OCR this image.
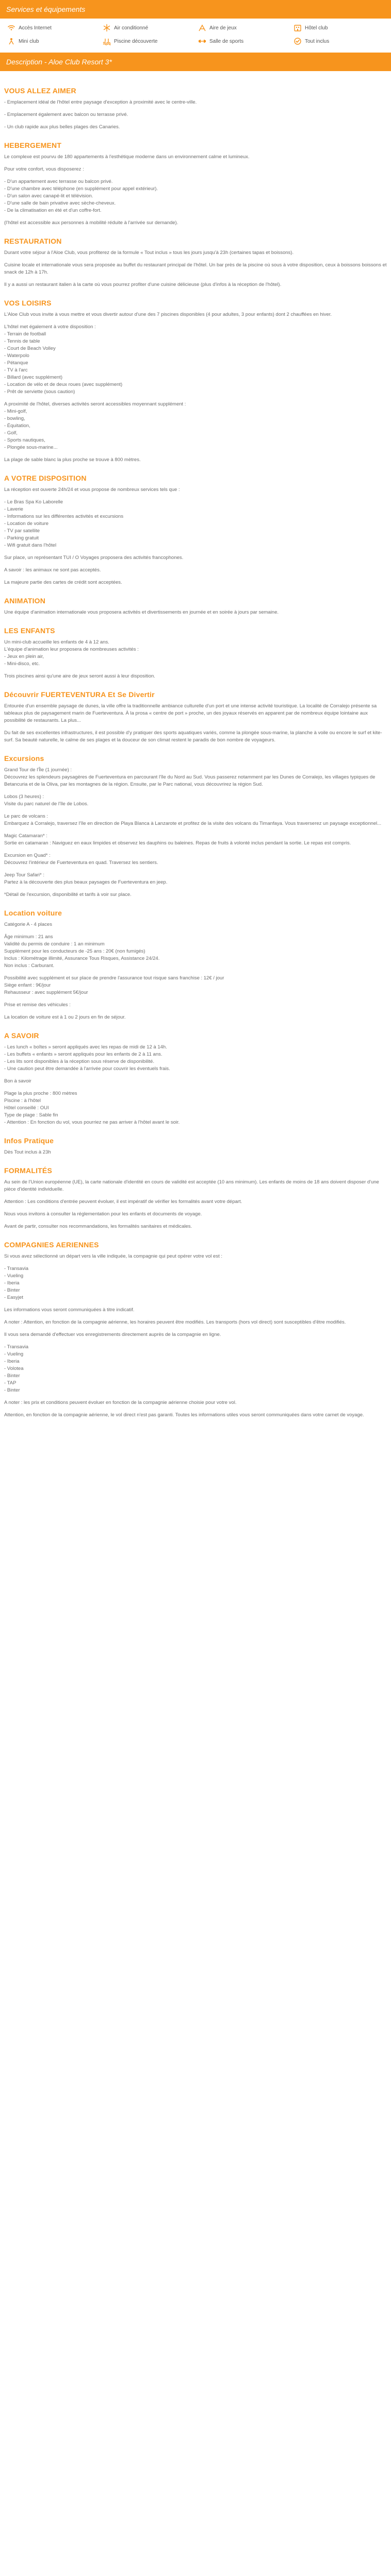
Services et équipements
Accès Internet	Air conditionné	Aire de jeux	Hôtel club
Mini club	Piscine découverte	Salle de sports	Tout inclus
Description - Aloe Club Resort 3*
VOUS ALLEZ AIMER

- Emplacement idéal de l'hôtel entre paysage d'exception à proximité avec le centre-ville.

- Emplacement également avec balcon ou terrasse privé.

- Un club rapide aux plus belles plages des Canaries.

HEBERGEMENT

Le complexe est pourvu de 180 appartements à l'esthétique moderne dans un environnement calme et lumineux.

Pour votre confort, vous disposerez :

- D'un appartement avec terrasse ou balcon privé.
- D'une chambre avec téléphone (en supplément pour appel extérieur).
- D'un salon avec canapé-lit et télévision.
- D'une salle de bain privative avec sèche-cheveux.
- De la climatisation en été et d'un coffre-fort.

(l'hôtel est accessible aux personnes à mobilité réduite à l'arrivée sur demande).

RESTAURATION

Durant votre séjour à l'Aloe Club, vous profiterez de la formule « Tout inclus » tous les jours jusqu'à 23h (certaines tapas et boissons).

Cuisine locale et internationale vous sera proposée au buffet du restaurant principal de l'hôtel. Un bar près de la piscine où sous à votre disposition, ceux à boissons boissons et snack de 12h à 17h.

Il y a aussi un restaurant italien à la carte où vous pourrez profiter d'une cuisine délicieuse (plus d'infos à la réception de l'hôtel).

VOS LOISIRS

L'Aloe Club vous invite à vous mettre et vous divertir autour d'une des 7 piscines disponibles (4 pour adultes, 3 pour enfants) dont 2 chauffées en hiver.

L'hôtel met également à votre disposition :
- Terrain de football
- Tennis de table
- Court de Beach Volley
- Waterpolo
- Pétanque
- TV à l'arc
- Billard (avec supplément)
- Location de vélo et de deux roues (avec supplément)
- Prêt de serviette (sous caution)

A proximité de l'hôtel, diverses activités seront accessibles moyennant supplément :
- Mini-golf,
- bowling,
- Équitation,
- Golf,
- Sports nautiques,
- Plongée sous-marine...

La plage de sable blanc la plus proche se trouve à 800 mètres.

A VOTRE DISPOSITION

La réception est ouverte 24h/24 et vous propose de nombreux services tels que :

- Le Bras Spa Ko Laborelle
- Laverie
- Informations sur les différentes activités et excursions
- Location de voiture
- TV par satellite
- Parking gratuit
- Wifi gratuit dans l'hôtel

Sur place, un représentant TUI / O Voyages proposera des activités francophones.

A savoir : les animaux ne sont pas acceptés.

La majeure partie des cartes de crédit sont acceptées.

ANIMATION

Une équipe d'animation internationale vous proposera activités et divertissements en journée et en soirée à jours par semaine.

LES ENFANTS

Un mini-club accueille les enfants de 4 à 12 ans.
L'équipe d'animation leur proposera de nombreuses activités :
- Jeux en plein air,
- Mini-disco, etc.

Trois piscines ainsi qu'une aire de jeux seront aussi à leur disposition.

Découvrir FUERTEVENTURA Et Se Divertir

Entourée d'un ensemble paysage de dunes, la ville offre la traditionnelle ambiance culturelle d'un port et une intense activité touristique. La localité de Corralejo présente sa tableaux plus de paysagement marin de Fuerteventura. À la prosa « centre de port » proche, un des joyaux réservés en apparent par de nombreux équipe lointaine aux possibilité de restaurants. La plus...

Du fait de ses excellentes infrastructures, il est possible d'y pratiquer des sports aquatiques variés, comme la plongée sous-marine, la planche à voile ou encore le surf et kite-surf. Sa beauté naturelle, le calme de ses plages et la douceur de son climat restent le paradis de bon nombre de voyageurs.

Excursions

Grand Tour de l'Île (1 journée) :
Découvrez les splendeurs paysagères de Fuerteventura en parcourant l'île du Nord au Sud. Vous passerez notamment par les Dunes de Corralejo, les villages typiques de Betancuria et de la Oliva, par les montagnes de la région. Ensuite, par le Parc national, vous découvrirez la région Sud.

Lobos (3 heures) :
Visite du parc naturel de l'île de Lobos.

Le parc de volcans :
Embarquez à Corralejo, traversez l'île en direction de Playa Blanca à Lanzarote et profitez de la visite des volcans du Timanfaya. Vous traverserez un paysage exceptionnel...

Magic Catamaran* :
Sortie en catamaran : Naviguez en eaux limpides et observez les dauphins ou baleines. Repas de fruits à volonté inclus pendant la sortie. Le repas est compris.

Excursion en Quad* :
Découvrez l'intérieur de Fuerteventura en quad. Traversez les sentiers.

Jeep Tour Safari* :
Partez à la découverte des plus beaux paysages de Fuerteventura en jeep.

*Détail de l'excursion, disponibilité et tarifs à voir sur place.

Location voiture

Catégorie A - 4 places

Âge minimum : 21 ans
Validité du permis de conduire : 1 an minimum
Supplément pour les conducteurs de -25 ans : 20€ (non fumigés)
Inclus : Kilométrage illimité, Assurance Tous Risques, Assistance 24/24.
Non inclus : Carburant.

Possibilité avec supplément et sur place de prendre l'assurance tout risque sans franchise : 12€ / jour
Siège enfant : 9€/jour
Rehausseur : avec supplément 5€/jour

Prise et remise des véhicules :

La location de voiture est à 1 ou 2 jours en fin de séjour.

A SAVOIR

- Les lunch « boîtes » seront appliqués avec les repas de midi de 12 à 14h.
- Les buffets « enfants » seront appliqués pour les enfants de 2 à 11 ans.
- Les lits sont disponibles à la réception sous réserve de disponibilité.
- Une caution peut être demandée à l'arrivée pour couvrir les éventuels frais.

Bon à savoir

Plage la plus proche : 800 mètres
Piscine : à l'hôtel
Hôtel conseillé : OUI
Type de plage : Sable fin
- Attention : En fonction du vol, vous pourriez ne pas arriver à l'hôtel avant le soir.

Infos Pratique

Dès Tout inclus à 23h

FORMALITÉS

Au sein de l'Union européenne (UE), la carte nationale d'identité en cours de validité est acceptée (10 ans minimum). Les enfants de moins de 18 ans doivent disposer d'une pièce d'identité individuelle.

Attention : Les conditions d'entrée peuvent évoluer, il est impératif de vérifier les formalités avant votre départ.

Nous vous invitons à consulter la réglementation pour les enfants et documents de voyage.

Avant de partir, consulter nos recommandations, les formalités sanitaires et médicales.

COMPAGNIES AERIENNES

Si vous avez sélectionné un départ vers la ville indiquée, la compagnie qui peut opérer votre vol est :

- Transavia
- Vueling
- Iberia
- Binter
- Easyjet

Les informations vous seront communiquées à titre indicatif.

A noter : Attention, en fonction de la compagnie aérienne, les horaires peuvent être modifiés. Les transports (hors vol direct) sont susceptibles d'être modifiés.

Il vous sera demandé d'effectuer vos enregistrements directement auprès de la compagnie en ligne.

- Transavia
- Vueling
- Iberia
- Volotea
- Binter
- TAP
- Binter

A noter : les prix et conditions peuvent évoluer en fonction de la compagnie aérienne choisie pour votre vol.

Attention, en fonction de la compagnie aérienne, le vol direct n'est pas garanti. Toutes les informations utiles vous seront communiquées dans votre carnet de voyage.
